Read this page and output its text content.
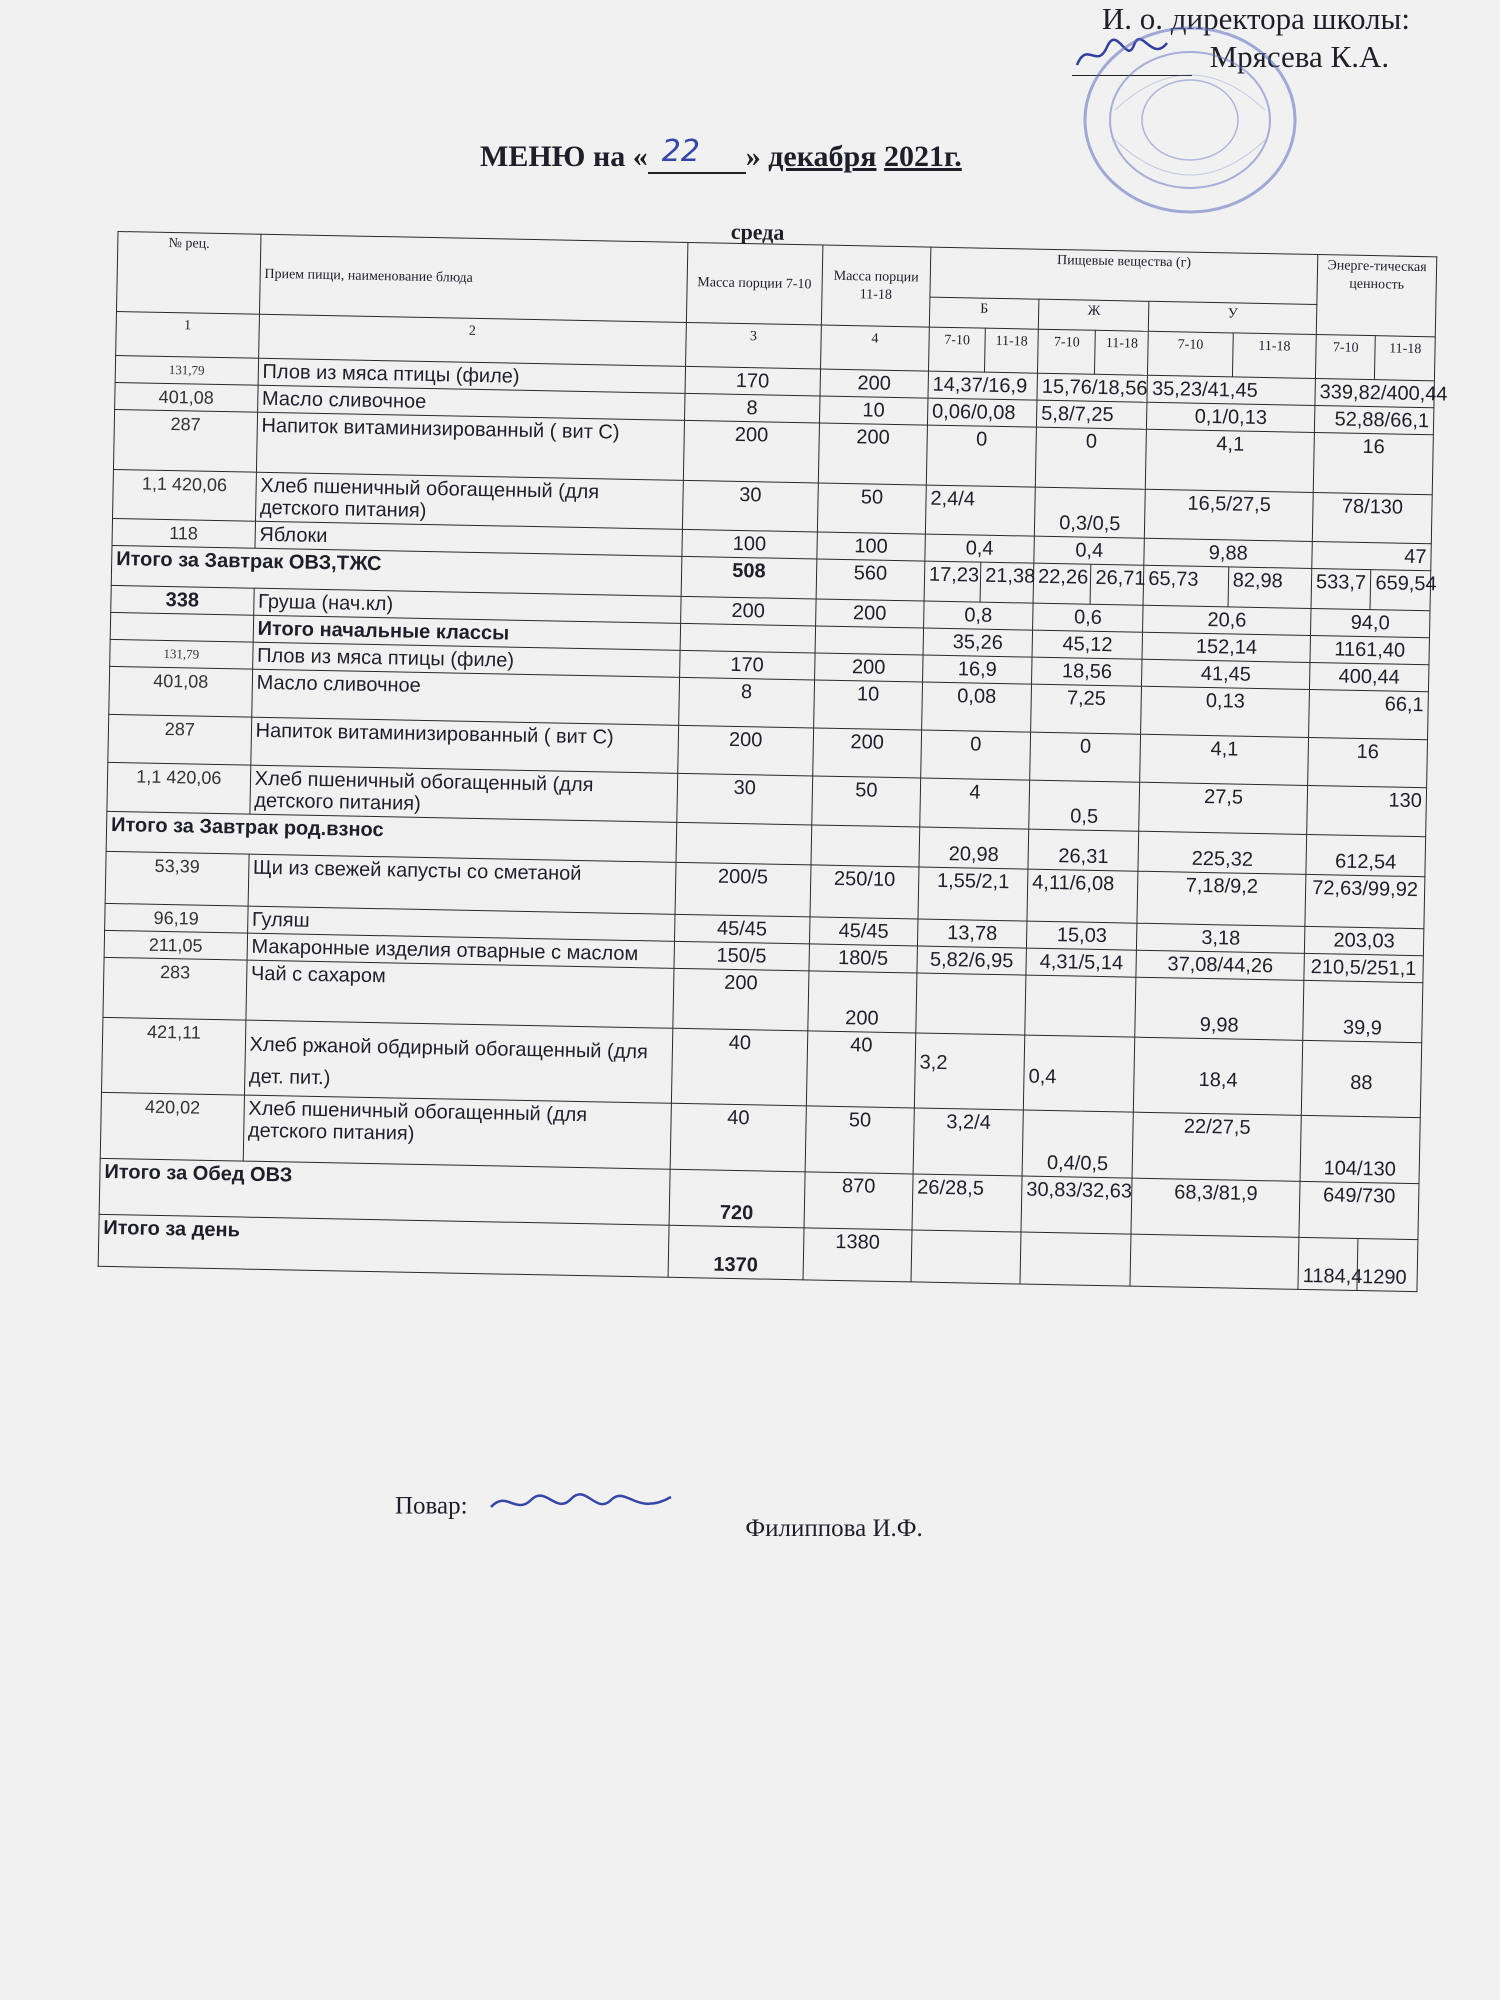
И. о. директора школы:
Мрясева К.А.
МЕНЮ на « 22 » декабря 2021г.
среда
№ рец.	Прием пищи, наименование блюда	Масса порции 7-10	Масса порции 11-18	Пищевые вещества (г)						Энерге-тическая ценность	
				Б		Ж		У			
1	2	3	4	7-10	11-18	7-10	11-18	7-10	11-18	7-10	11-18
131,79	Плов из мяса птицы (филе)	170	200	14,37/16,9		15,76/18,56		35,23/41,45		339,82/400,44	
401,08	Масло сливочное	8	10	0,06/0,08		5,8/7,25		0,1/0,13		52,88/66,1	
287	Напиток витаминизированный ( вит С)	200	200	0		0		4,1		16	
1,1 420,06	Хлеб пшеничный обогащенный (для детского питания)	30	50	2,4/4		0,3/0,5		16,5/27,5		78/130	
118	Яблоки	100	100	0,4		0,4		9,88		47	
Итого за Завтрак ОВЗ,ТЖС		508	560	17,23	21,38	22,26	26,71	65,73	82,98	533,7	659,54
338	Груша (нач.кл)	200	200	0,8		0,6		20,6		94,0	
	Итого начальные классы			35,26		45,12		152,14		1161,40	
131,79	Плов из мяса птицы (филе)	170	200	16,9		18,56		41,45		400,44	
401,08	Масло сливочное	8	10	0,08		7,25		0,13		66,1	
287	Напиток витаминизированный ( вит С)	200	200	0		0		4,1		16	
1,1 420,06	Хлеб пшеничный обогащенный (для детского питания)	30	50	4		0,5		27,5		130	
Итого за Завтрак род.взнос				20,98		26,31		225,32		612,54	
53,39	Щи из свежей капусты со сметаной	200/5	250/10	1,55/2,1		4,11/6,08		7,18/9,2		72,63/99,92	
96,19	Гуляш	45/45	45/45	13,78		15,03		3,18		203,03	
211,05	Макаронные изделия отварные с маслом	150/5	180/5	5,82/6,95		4,31/5,14		37,08/44,26		210,5/251,1	
283	Чай с сахаром	200	200					9,98		39,9	
421,11	Хлеб ржаной обдирный обогащенный (для дет. пит.)	40	40	3,2		0,4		18,4		88	
420,02	Хлеб пшеничный обогащенный (для детского питания)	40	50	3,2/4		0,4/0,5		22/27,5		104/130	
Итого за Обед ОВЗ		720	870	26/28,5		30,83/32,63		68,3/81,9		649/730	
Итого за день		1370	1380							1184,4	1290
Повар:  Филиппова И.Ф.
